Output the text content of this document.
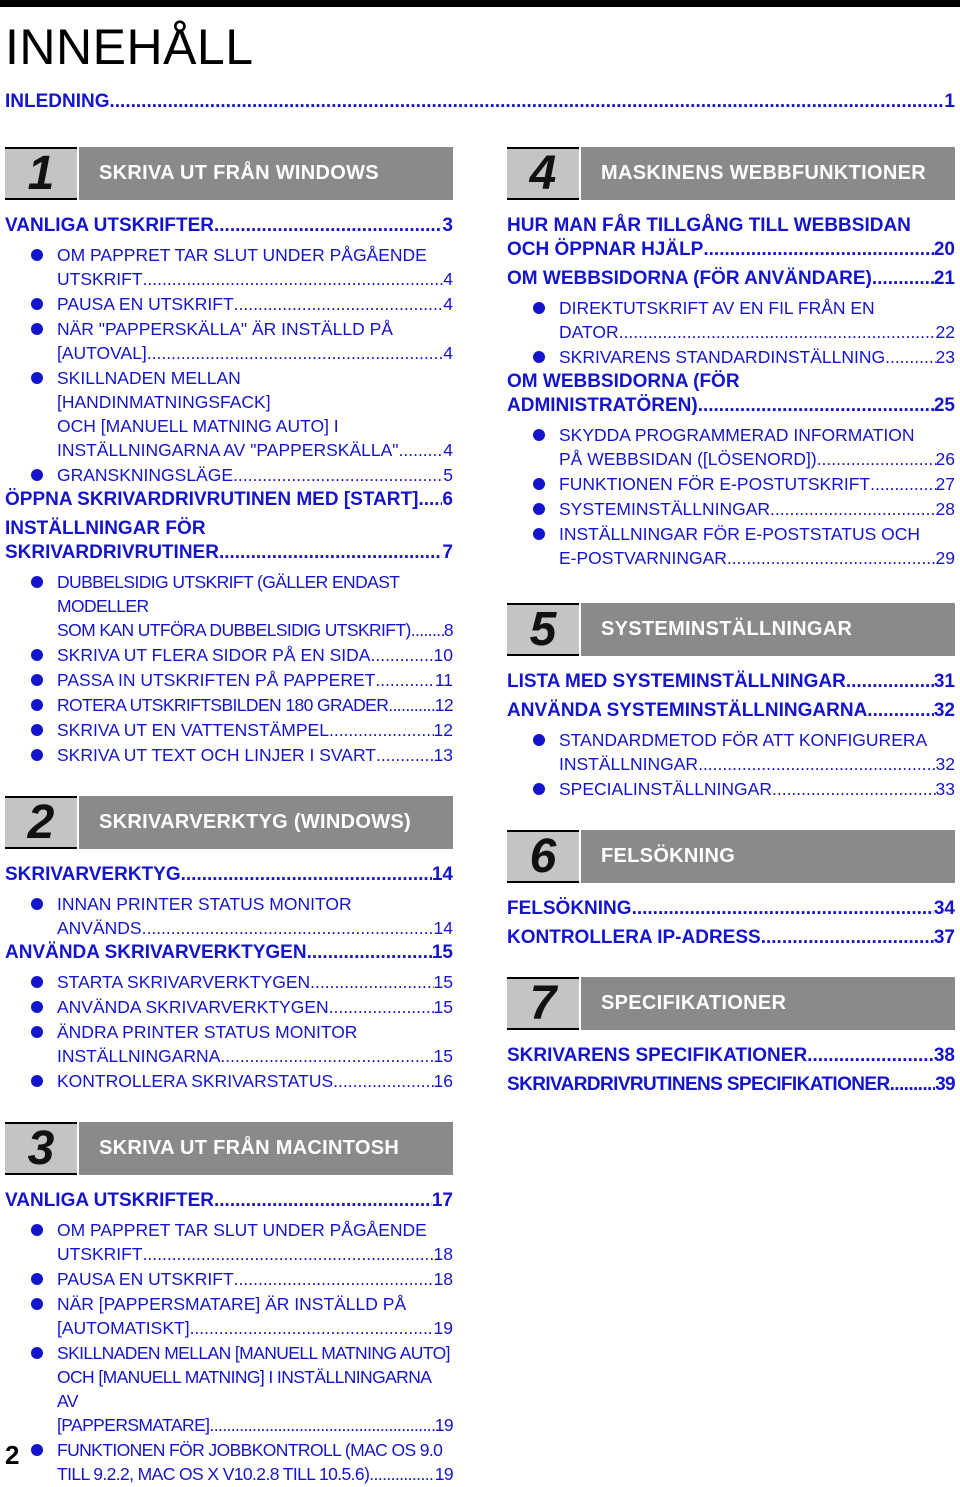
INNEHÅLL
INLEDNING .....	1
1	SKRIVA UT FRÅN WINDOWS
VANLIGA UTSKRIFTER .....	3
OM PAPPRET TAR SLUT UNDER PÅGÅENDE
UTSKRIFT .....	4
PAUSA EN UTSKRIFT .....	4
NÄR "PAPPERSKÄLLA" ÄR INSTÄLLD PÅ
[AUTOVAL] .....	4
SKILLNADEN MELLAN [HANDINMATNINGSFACK]
OCH [MANUELL MATNING AUTO] I
INSTÄLLNINGARNA AV "PAPPERSKÄLLA" .....	4
GRANSKNINGSLÄGE .....	5
ÖPPNA SKRIVARDRIVRUTINEN MED [START] ..... 6
INSTÄLLNINGAR FÖR
SKRIVARDRIVRUTINER .....	7
DUBBELSIDIG UTSKRIFT (GÄLLER ENDAST MODELLER
SOM KAN UTFÖRA DUBBELSIDIG UTSKRIFT) ..... 8
SKRIVA UT FLERA SIDOR PÅ EN SIDA .....	10
PASSA IN UTSKRIFTEN PÅ PAPPERET .....	11
ROTERA UTSKRIFTSBILDEN 180 GRADER .....	12
SKRIVA UT EN VATTENSTÄMPEL .....	12
SKRIVA UT TEXT OCH LINJER I SVART .....	13
2	SKRIVARVERKTYG (WINDOWS)
SKRIVARVERKTYG .....	14
INNAN PRINTER STATUS MONITOR
ANVÄNDS .....	14
ANVÄNDA SKRIVARVERKTYGEN .....	15
STARTA SKRIVARVERKTYGEN .....	15
ANVÄNDA SKRIVARVERKTYGEN .....	15
ÄNDRA PRINTER STATUS MONITOR
INSTÄLLNINGARNA .....	15
KONTROLLERA SKRIVARSTATUS .....	16
3	SKRIVA UT FRÅN MACINTOSH
VANLIGA UTSKRIFTER .....	17
OM PAPPRET TAR SLUT UNDER PÅGÅENDE
UTSKRIFT .....	18
PAUSA EN UTSKRIFT .....	18
NÄR [PAPPERSMATARE] ÄR INSTÄLLD PÅ
[AUTOMATISKT] .....	19
SKILLNADEN MELLAN [MANUELL MATNING AUTO]
OCH [MANUELL MATNING] I INSTÄLLNINGARNA AV
[PAPPERSMATARE] .....	19
FUNKTIONEN FÖR JOBBKONTROLL (MAC OS 9.0
TILL 9.2.2, MAC OS X V10.2.8 TILL 10.5.6) .....	19
4	MASKINENS WEBBFUNKTIONER
HUR MAN FÅR TILLGÅNG TILL WEBBSIDAN
OCH ÖPPNAR HJÄLP .....	20
OM WEBBSIDORNA (FÖR ANVÄNDARE) .....	21
DIREKTUTSKRIFT AV EN FIL FRÅN EN
DATOR .....	22
SKRIVARENS STANDARDINSTÄLLNING .....	23
OM WEBBSIDORNA (FÖR
ADMINISTRATÖREN) .....	25
SKYDDA PROGRAMMERAD INFORMATION
PÅ WEBBSIDAN ([LÖSENORD]) .....	26
FUNKTIONEN FÖR E-POSTUTSKRIFT .....	27
SYSTEMINSTÄLLNINGAR .....	28
INSTÄLLNINGAR FÖR E-POSTSTATUS OCH
E-POSTVARNINGAR .....	29
5	SYSTEMINSTÄLLNINGAR
LISTA MED SYSTEMINSTÄLLNINGAR .....	31
ANVÄNDA SYSTEMINSTÄLLNINGARNA .....	32
STANDARDMETOD FÖR ATT KONFIGURERA
INSTÄLLNINGAR .....	32
SPECIALINSTÄLLNINGAR .....	33
6	FELSÖKNING
FELSÖKNING .....	34
KONTROLLERA IP-ADRESS .....	37
7	SPECIFIKATIONER
SKRIVARENS SPECIFIKATIONER .....	38
SKRIVARDRIVRUTINENS SPECIFIKATIONER ..... 39
2
